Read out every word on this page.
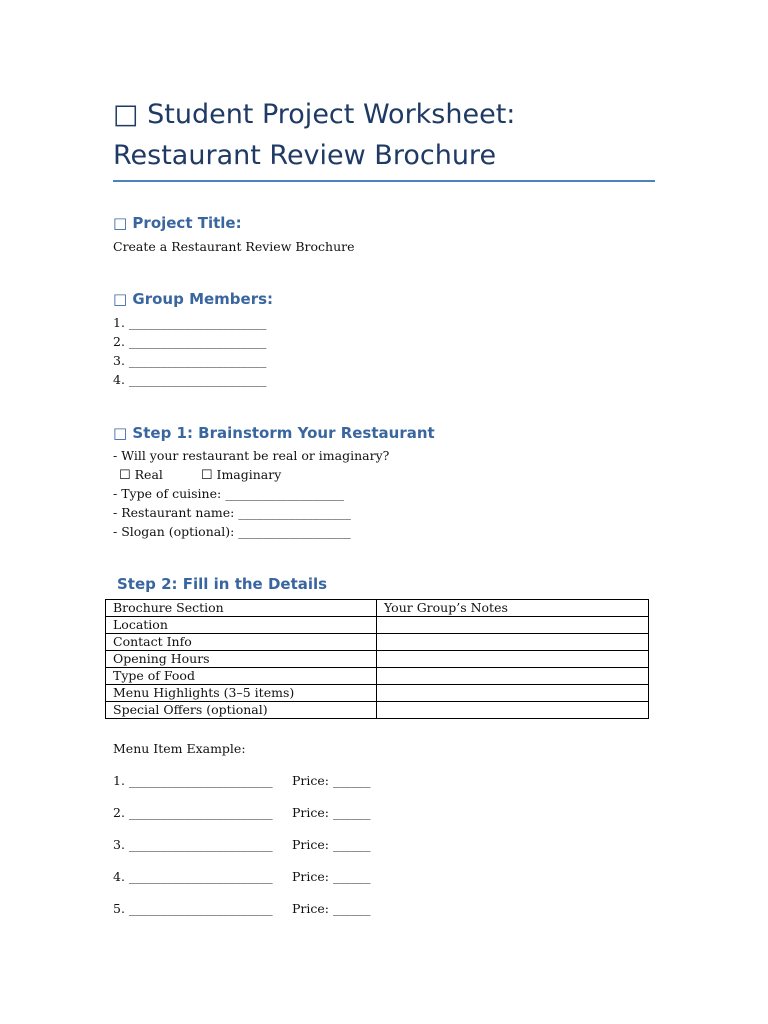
□ Student Project Worksheet:
Restaurant Review Brochure
□ Project Title:
Create a Restaurant Review Brochure
□ Group Members:
1. ______________________
2. ______________________
3. ______________________
4. ______________________
□ Step 1: Brainstorm Your Restaurant
- Will your restaurant be real or imaginary?
☐ Real	☐ Imaginary
- Type of cuisine: ___________________
- Restaurant name: __________________
- Slogan (optional): __________________
Step 2: Fill in the Details
Brochure Section	Your Group’s Notes
Location	
Contact Info	
Opening Hours	
Type of Food	
Menu Highlights (3–5 items)	
Special Offers (optional)	
Menu Item Example:
1. _______________________ Price: ______
2. _______________________ Price: ______
3. _______________________ Price: ______
4. _______________________ Price: ______
5. _______________________ Price: ______
